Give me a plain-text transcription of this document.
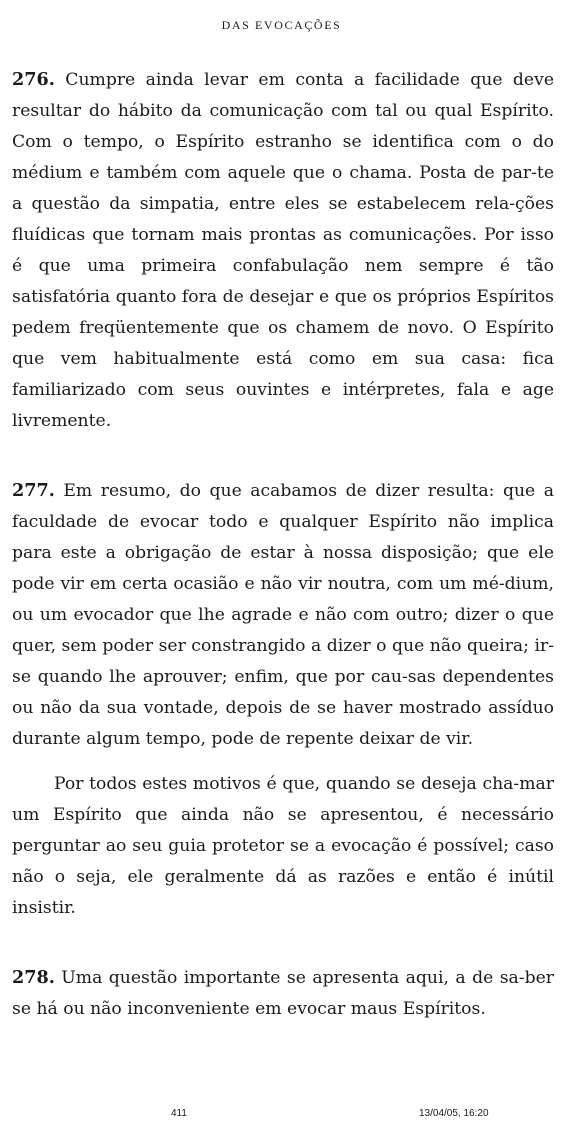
DAS EVOCAÇÕES

276. Cumpre ainda levar em conta a facilidade que deve resultar do hábito da comunicação com tal ou qual Espírito. Com o tempo, o Espírito estranho se identifica com o do médium e também com aquele que o chama. Posta de par-te a questão da simpatia, entre eles se estabelecem rela-ções fluídicas que tornam mais prontas as comunicações. Por isso é que uma primeira confabulação nem sempre é tão satisfatória quanto fora de desejar e que os próprios Espíritos pedem freqüentemente que os chamem de novo. O Espírito que vem habitualmente está como em sua casa: fica familiarizado com seus ouvintes e intérpretes, fala e age livremente.

277. Em resumo, do que acabamos de dizer resulta: que a faculdade de evocar todo e qualquer Espírito não implica para este a obrigação de estar à nossa disposição; que ele pode vir em certa ocasião e não vir noutra, com um mé-dium, ou um evocador que lhe agrade e não com outro; dizer o que quer, sem poder ser constrangido a dizer o que não queira; ir-se quando lhe aprouver; enfim, que por cau-sas dependentes ou não da sua vontade, depois de se haver mostrado assíduo durante algum tempo, pode de repente deixar de vir.

Por todos estes motivos é que, quando se deseja cha-mar um Espírito que ainda não se apresentou, é necessário perguntar ao seu guia protetor se a evocação é possível; caso não o seja, ele geralmente dá as razões e então é inútil insistir.

278. Uma questão importante se apresenta aqui, a de sa-ber se há ou não inconveniente em evocar maus Espíritos.

411	13/04/05, 16:20
